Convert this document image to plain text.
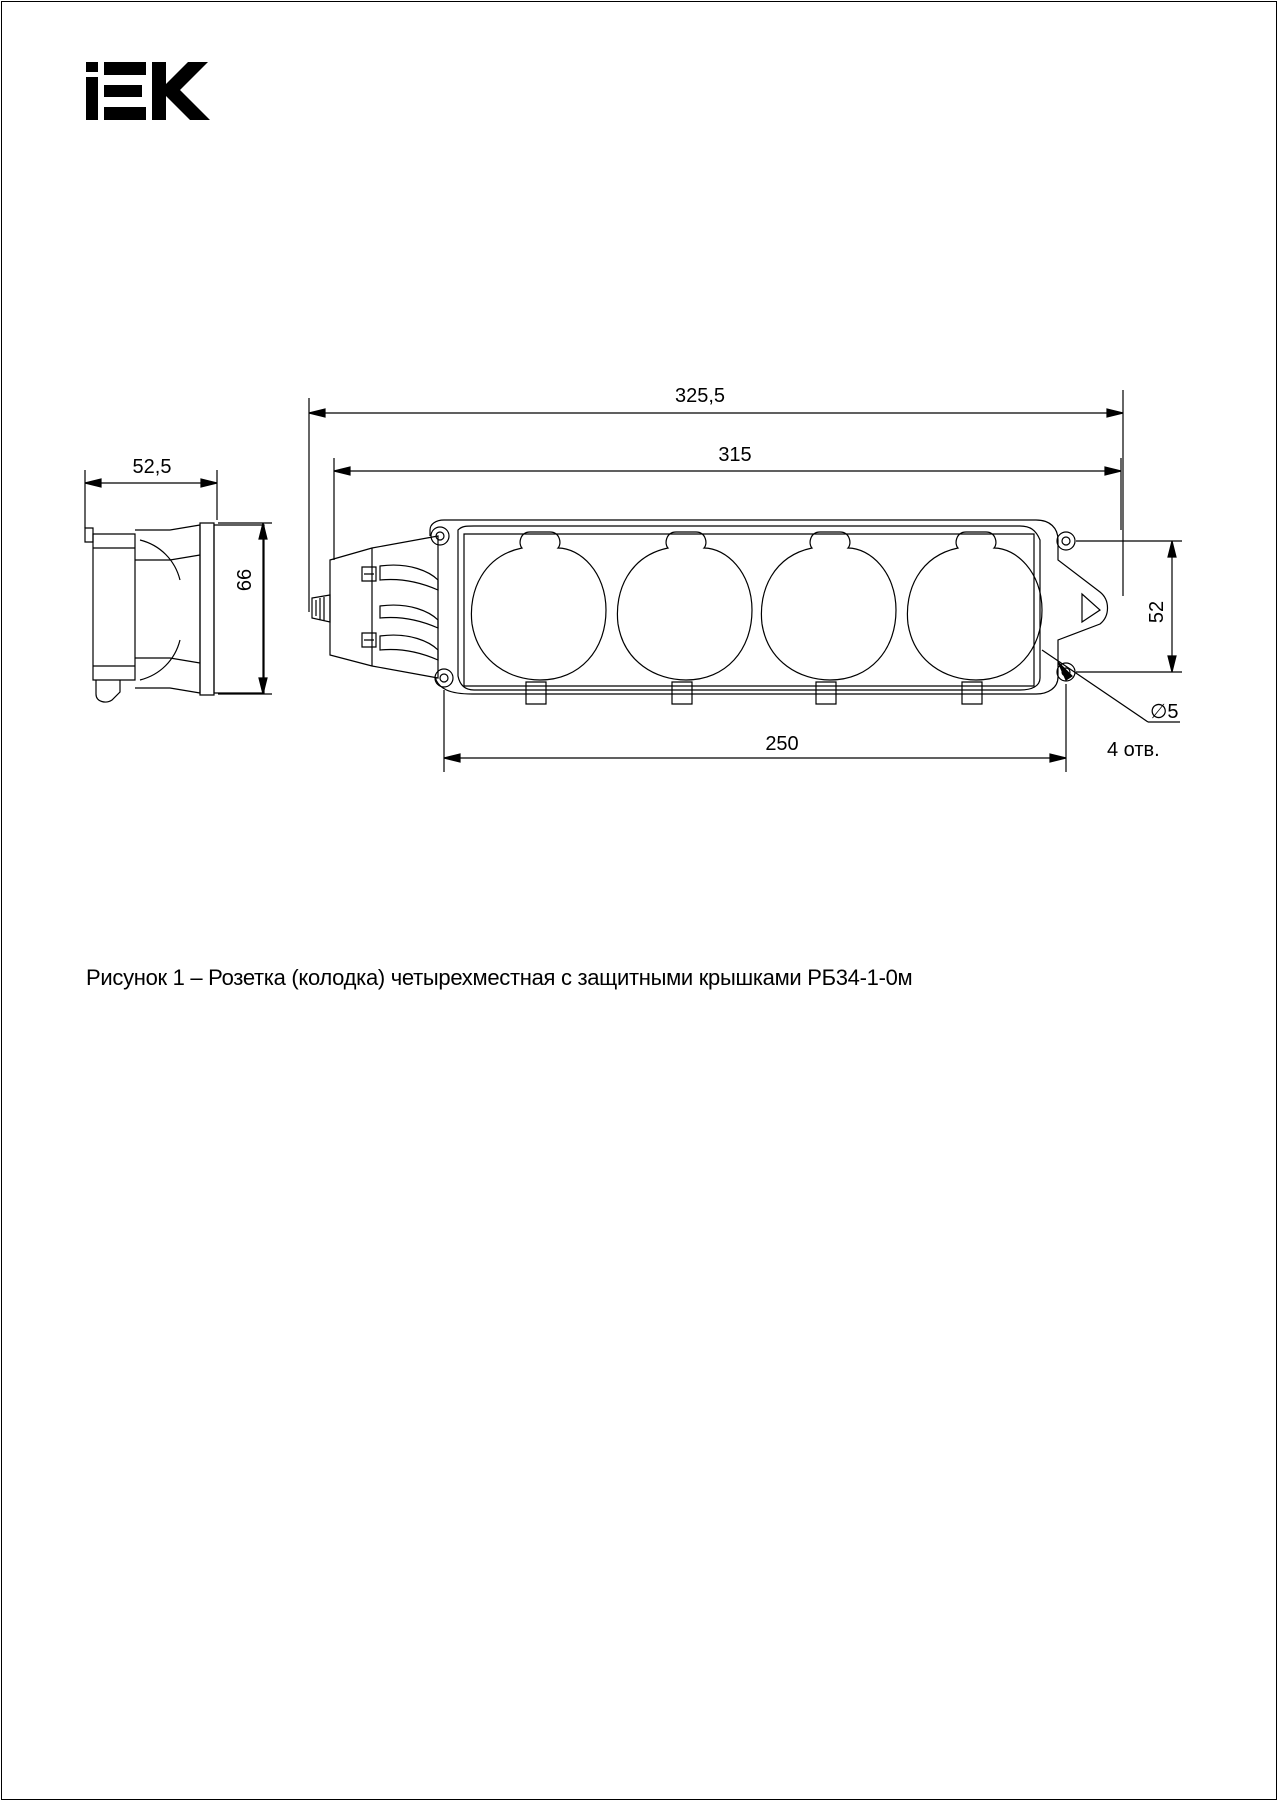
325,5
315
52,5
66
52
250
∅5
4 отв.
Рисунок 1 – Розетка (колодка) четырехместная с защитными крышками РБ34-1-0м
